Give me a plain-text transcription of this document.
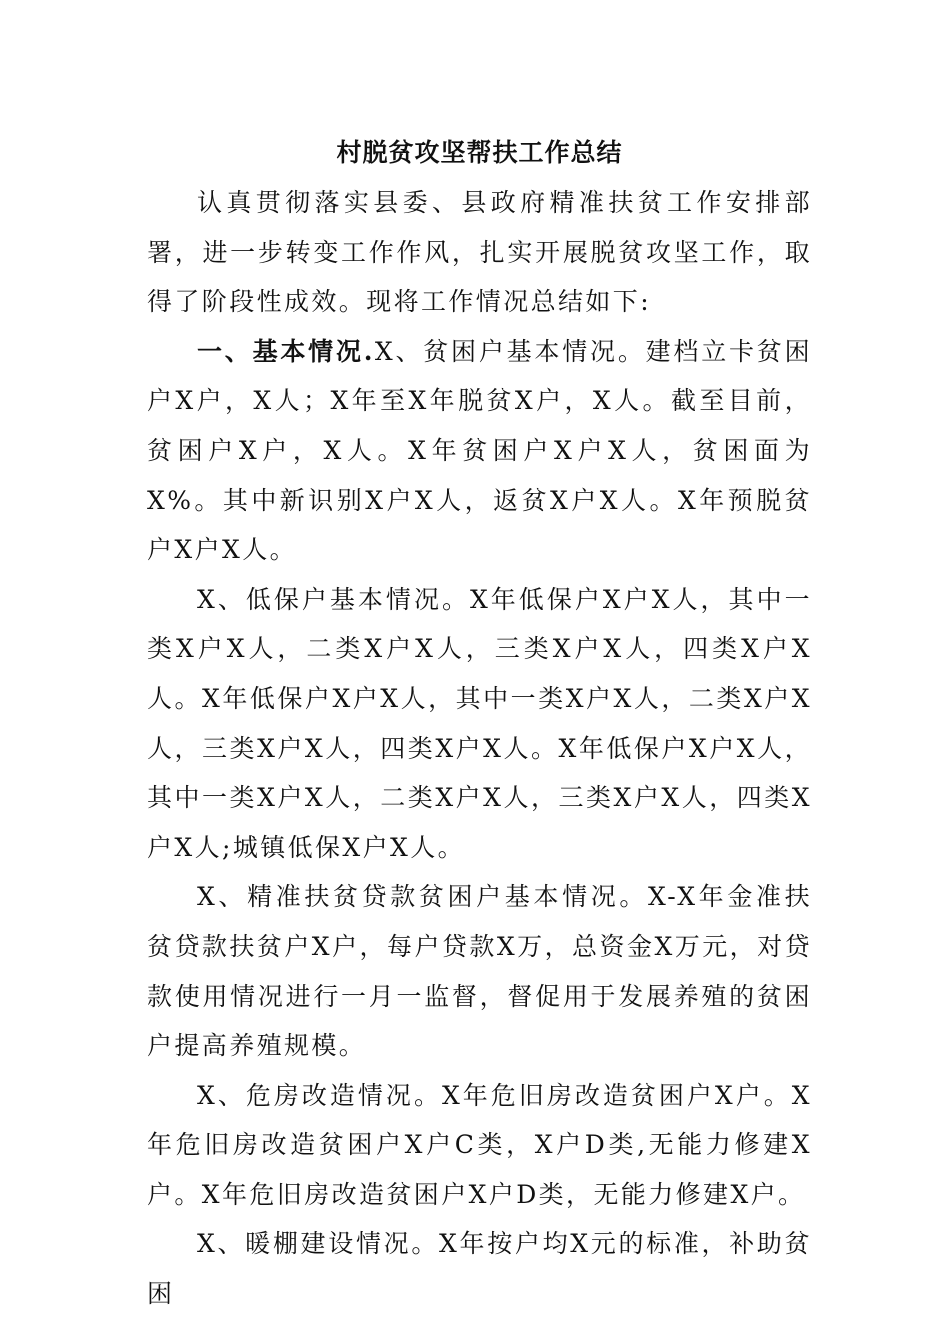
村脱贫攻坚帮扶工作总结

认真贯彻落实县委、县政府精准扶贫工作安排部署，进一步转变工作作风，扎实开展脱贫攻坚工作，取得了阶段性成效。现将工作情况总结如下:

一、基本情况.X、贫困户基本情况。建档立卡贫困户X户，X人；X年至X年脱贫X户，X人。截至目前，贫困户X户，X人。X年贫困户X户X人，贫困面为X%。其中新识别X户X人，返贫X户X人。X年预脱贫户X户X人。

X、低保户基本情况。X年低保户X户X人，其中一类X户X人，二类X户X人，三类X户X人，四类X户X人。X年低保户X户X人，其中一类X户X人，二类X户X人，三类X户X人，四类X户X人。X年低保户X户X人，其中一类X户X人，二类X户X人，三类X户X人，四类X户X人;城镇低保X户X人。

X、精准扶贫贷款贫困户基本情况。X-X年金准扶贫贷款扶贫户X户，每户贷款X万，总资金X万元，对贷款使用情况进行一月一监督，督促用于发展养殖的贫困户提高养殖规模。

X、危房改造情况。X年危旧房改造贫困户X户。X年危旧房改造贫困户X户C类，X户D类,无能力修建X户。X年危旧房改造贫困户X户D类，无能力修建X户。

X、暖棚建设情况。X年按户均X元的标准，补助贫困
